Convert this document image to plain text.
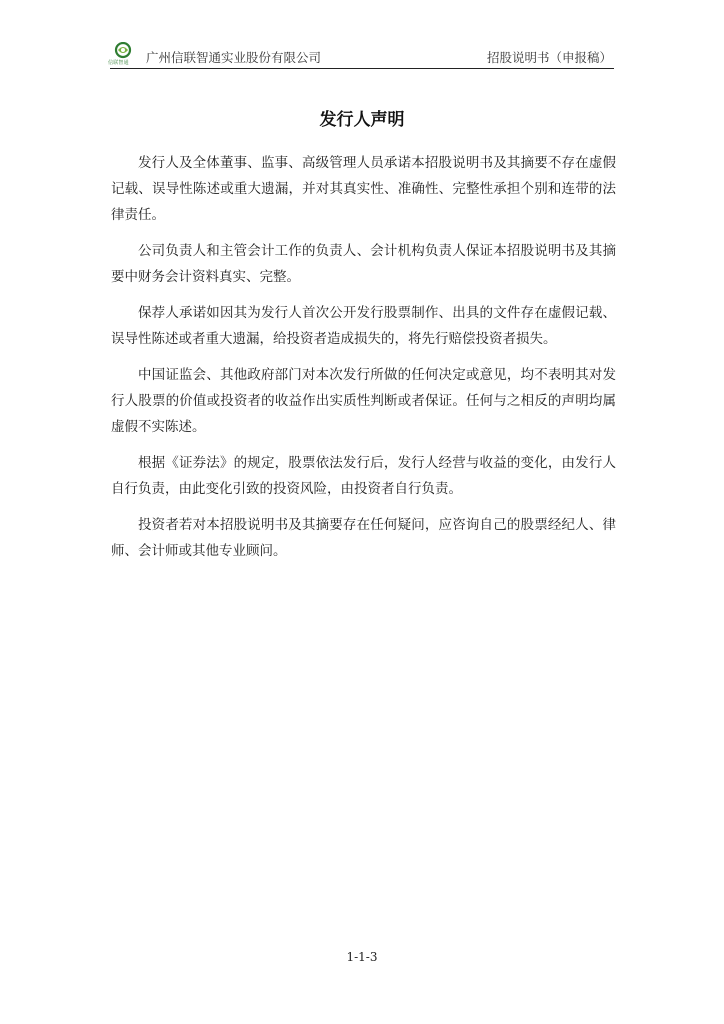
信联智通 广州信联智通实业股份有限公司	招股说明书（申报稿）
发行人声明

发行人及全体董事、监事、高级管理人员承诺本招股说明书及其摘要不存在虚假记载、误导性陈述或重大遗漏，并对其真实性、准确性、完整性承担个别和连带的法律责任。

公司负责人和主管会计工作的负责人、会计机构负责人保证本招股说明书及其摘要中财务会计资料真实、完整。

保荐人承诺如因其为发行人首次公开发行股票制作、出具的文件存在虚假记载、误导性陈述或者重大遗漏，给投资者造成损失的，将先行赔偿投资者损失。

中国证监会、其他政府部门对本次发行所做的任何决定或意见，均不表明其对发行人股票的价值或投资者的收益作出实质性判断或者保证。任何与之相反的声明均属虚假不实陈述。

根据《证券法》的规定，股票依法发行后，发行人经营与收益的变化，由发行人自行负责，由此变化引致的投资风险，由投资者自行负责。

投资者若对本招股说明书及其摘要存在任何疑问，应咨询自己的股票经纪人、律师、会计师或其他专业顾问。

1-1-3
